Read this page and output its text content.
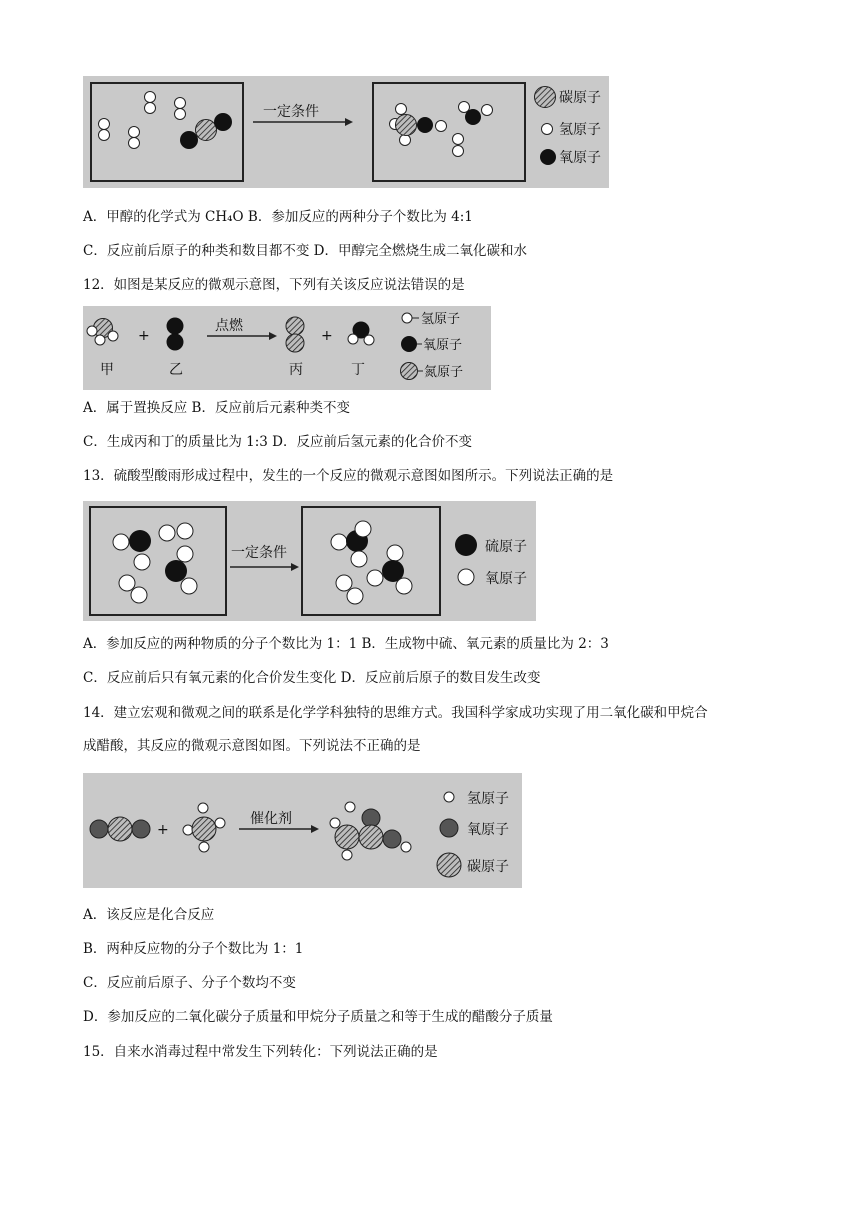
一定条件
碳原子
氢原子
氧原子
A．甲醇的化学式为 CH₄O B．参加反应的两种分子个数比为 4:1
C．反应前后原子的种类和数目都不变 D．甲醇完全燃烧生成二氧化碳和水
12．如图是某反应的微观示意图，下列有关该反应说法错误的是
+
点燃
+
甲	乙	丙	丁
氢原子
氧原子
氮原子
A．属于置换反应 B．反应前后元素种类不变
C．生成丙和丁的质量比为 1:3 D．反应前后氢元素的化合价不变
13．硫酸型酸雨形成过程中，发生的一个反应的微观示意图如图所示。下列说法正确的是
一定条件	硫原子
氧原子
A．参加反应的两种物质的分子个数比为 1：1 B．生成物中硫、氧元素的质量比为 2：3
C．反应前后只有氧元素的化合价发生变化 D．反应前后原子的数目发生改变
14．建立宏观和微观之间的联系是化学学科独特的思维方式。我国科学家成功实现了用二氧化碳和甲烷合
成醋酸，其反应的微观示意图如图。下列说法不正确的是
+
催化剂
氢原子
氧原子
碳原子
A．该反应是化合反应
B．两种反应物的分子个数比为 1：1
C．反应前后原子、分子个数均不变
D．参加反应的二氧化碳分子质量和甲烷分子质量之和等于生成的醋酸分子质量
15．自来水消毒过程中常发生下列转化：下列说法正确的是
